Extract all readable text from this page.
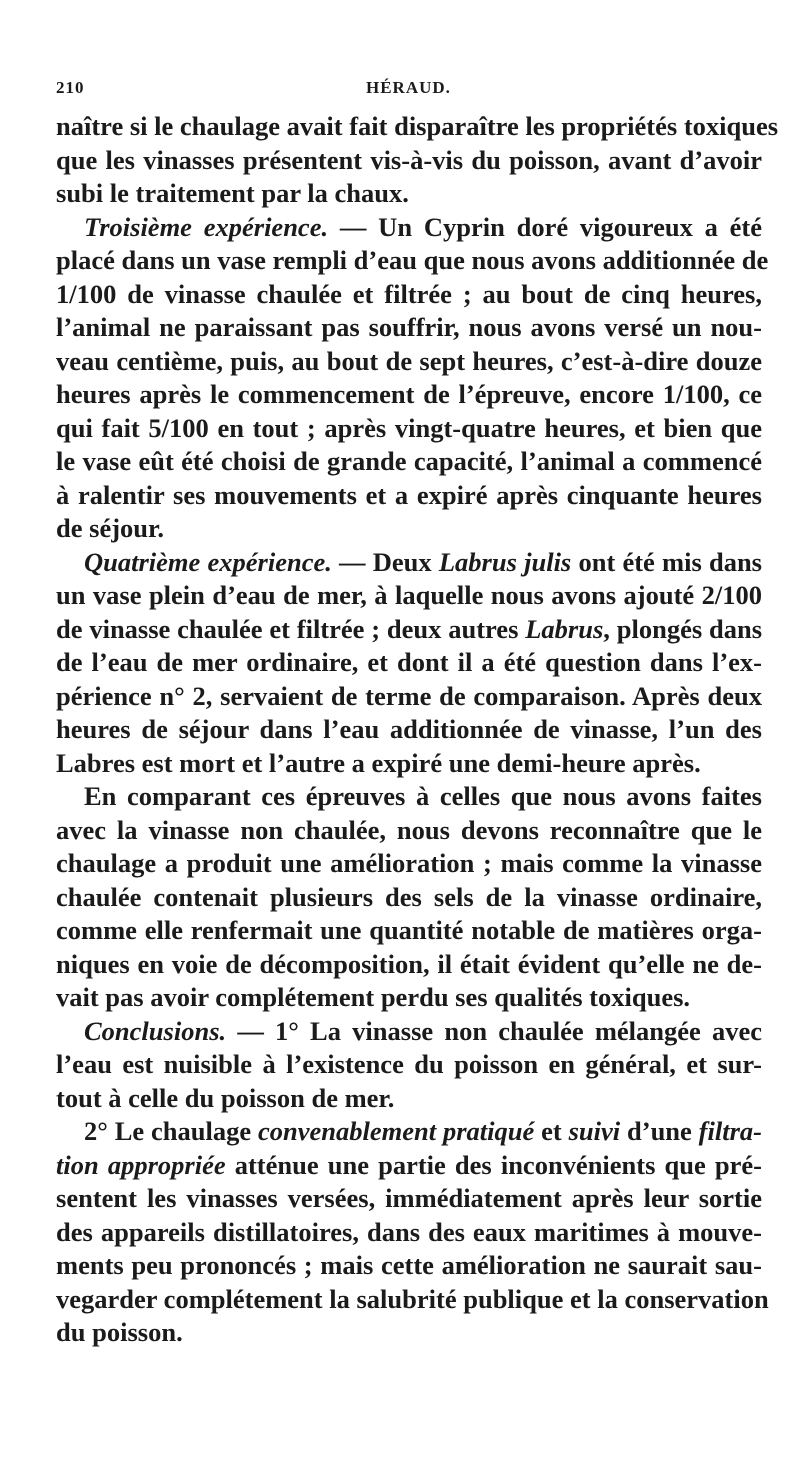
210	HÉRAUD.
naître si le chaulage avait fait disparaître les propriétés toxiques
que les vinasses présentent vis-à-vis du poisson, avant d’avoir
subi le traitement par la chaux.
Troisième expérience. — Un Cyprin doré vigoureux a été
placé dans un vase rempli d’eau que nous avons additionnée de
1/100 de vinasse chaulée et filtrée ; au bout de cinq heures,
l’animal ne paraissant pas souffrir, nous avons versé un nou-
veau centième, puis, au bout de sept heures, c’est-à-dire douze
heures après le commencement de l’épreuve, encore 1/100, ce
qui fait 5/100 en tout ; après vingt-quatre heures, et bien que
le vase eût été choisi de grande capacité, l’animal a commencé
à ralentir ses mouvements et a expiré après cinquante heures
de séjour.
Quatrième expérience. — Deux Labrus julis ont été mis dans
un vase plein d’eau de mer, à laquelle nous avons ajouté 2/100
de vinasse chaulée et filtrée ; deux autres Labrus, plongés dans
de l’eau de mer ordinaire, et dont il a été question dans l’ex-
périence n° 2, servaient de terme de comparaison. Après deux
heures de séjour dans l’eau additionnée de vinasse, l’un des
Labres est mort et l’autre a expiré une demi-heure après.
En comparant ces épreuves à celles que nous avons faites
avec la vinasse non chaulée, nous devons reconnaître que le
chaulage a produit une amélioration ; mais comme la vinasse
chaulée contenait plusieurs des sels de la vinasse ordinaire,
comme elle renfermait une quantité notable de matières orga-
niques en voie de décomposition, il était évident qu’elle ne de-
vait pas avoir complétement perdu ses qualités toxiques.
Conclusions. — 1° La vinasse non chaulée mélangée avec
l’eau est nuisible à l’existence du poisson en général, et sur-
tout à celle du poisson de mer.
2° Le chaulage convenablement pratiqué et suivi d’une filtra-
tion appropriée atténue une partie des inconvénients que pré-
sentent les vinasses versées, immédiatement après leur sortie
des appareils distillatoires, dans des eaux maritimes à mouve-
ments peu prononcés ; mais cette amélioration ne saurait sau-
vegarder complétement la salubrité publique et la conservation
du poisson.
